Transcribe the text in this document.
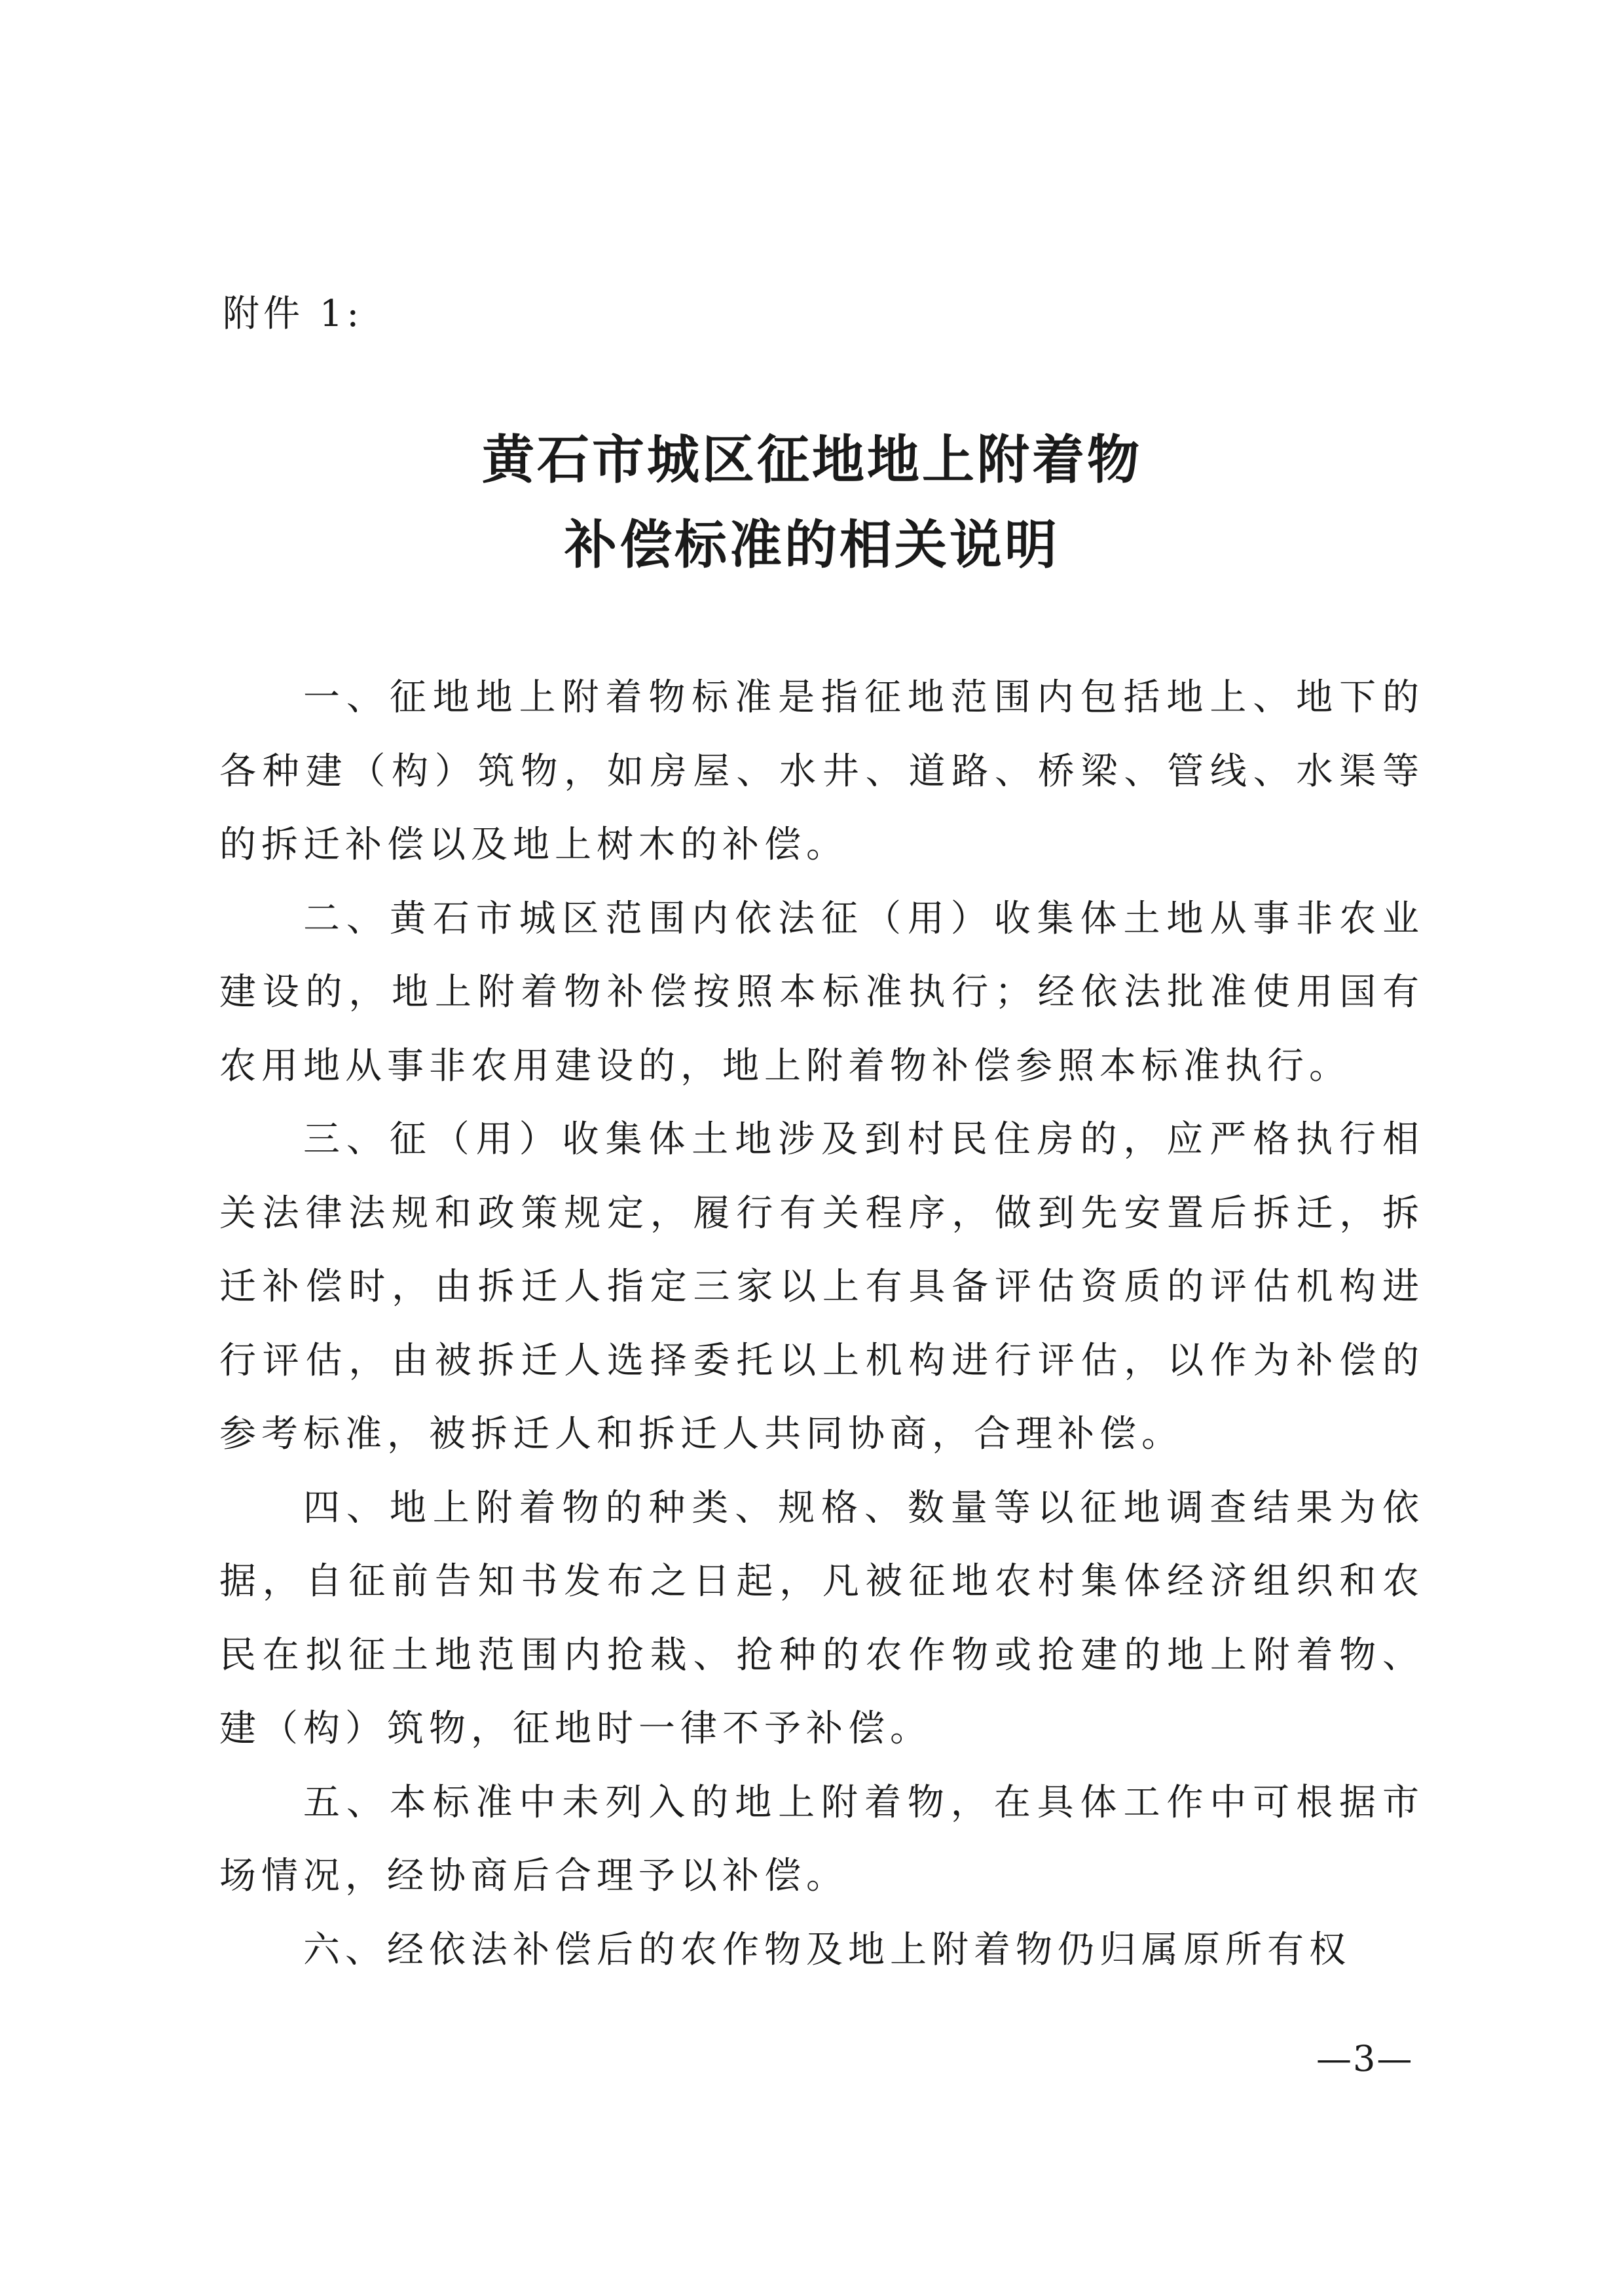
附件 1:
黄石市城区征地地上附着物
补偿标准的相关说明

一、征地地上附着物标准是指征地范围内包括地上、地下的各种建（构）筑物，如房屋、水井、道路、桥梁、管线、水渠等的拆迁补偿以及地上树木的补偿。

二、黄石市城区范围内依法征（用）收集体土地从事非农业建设的，地上附着物补偿按照本标准执行；经依法批准使用国有农用地从事非农用建设的，地上附着物补偿参照本标准执行。

三、征（用）收集体土地涉及到村民住房的，应严格执行相关法律法规和政策规定，履行有关程序，做到先安置后拆迁，拆迁补偿时，由拆迁人指定三家以上有具备评估资质的评估机构进行评估，由被拆迁人选择委托以上机构进行评估，以作为补偿的参考标准，被拆迁人和拆迁人共同协商，合理补偿。

四、地上附着物的种类、规格、数量等以征地调查结果为依据，自征前告知书发布之日起，凡被征地农村集体经济组织和农民在拟征土地范围内抢栽、抢种的农作物或抢建的地上附着物、建（构）筑物，征地时一律不予补偿。

五、本标准中未列入的地上附着物，在具体工作中可根据市场情况，经协商后合理予以补偿。

六、经依法补偿后的农作物及地上附着物仍归属原所有权

—3—
